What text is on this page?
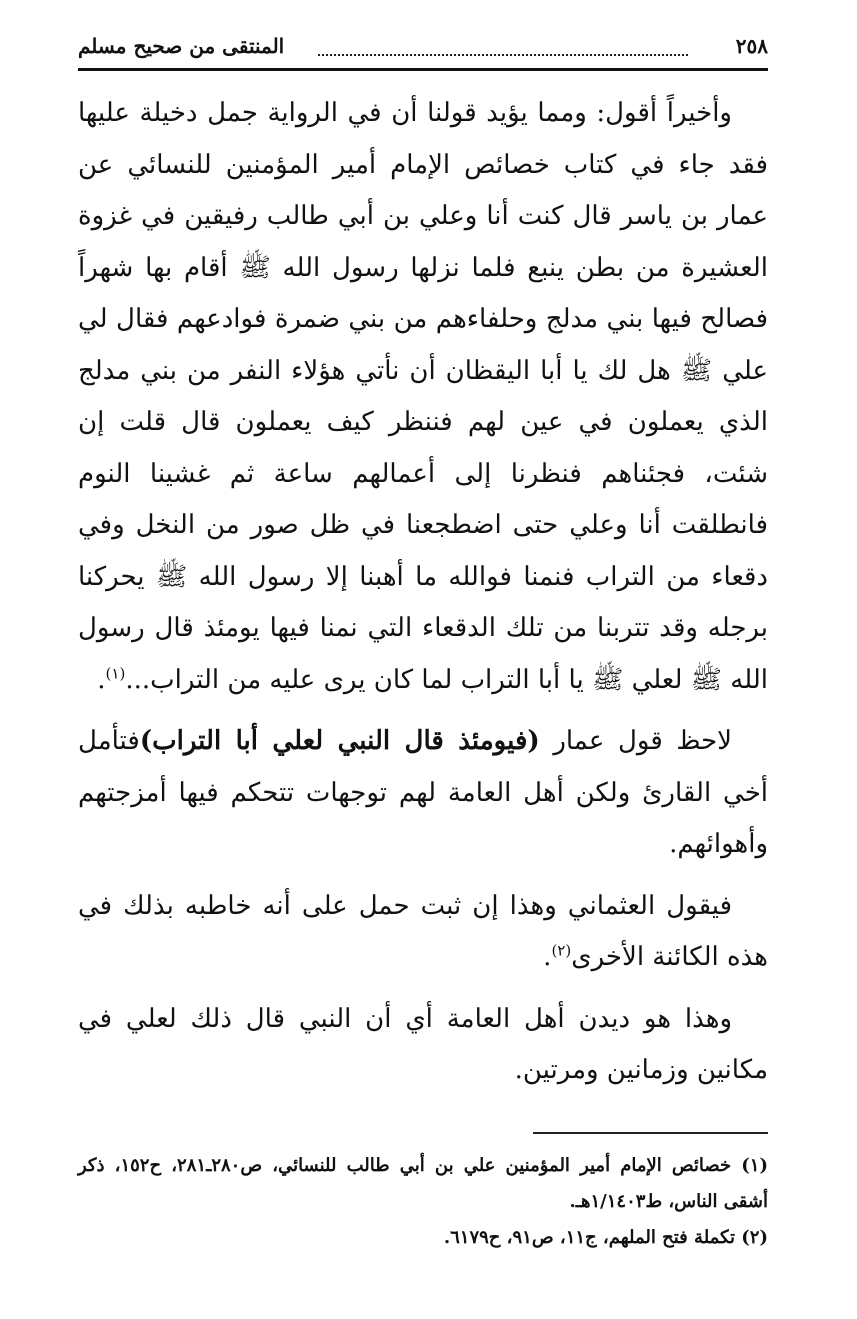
٢٥٨
المنتقى من صحيح مسلم

وأخيراً أقول: ومما يؤيد قولنا أن في الرواية جمل دخيلة عليها فقد جاء في كتاب خصائص الإمام أمير المؤمنين للنسائي عن عمار بن ياسر قال كنت أنا وعلي بن أبي طالب رفيقين في غزوة العشيرة من بطن ينبع فلما نزلها رسول الله ﷺ أقام بها شهراً فصالح فيها بني مدلج وحلفاءهم من بني ضمرة فوادعهم فقال لي علي ﷺ هل لك يا أبا اليقظان أن نأتي هؤلاء النفر من بني مدلج الذي يعملون في عين لهم فننظر كيف يعملون قال قلت إن شئت، فجئناهم فنظرنا إلى أعمالهم ساعة ثم غشينا النوم فانطلقت أنا وعلي حتى اضطجعنا في ظل صور من النخل وفي دقعاء من التراب فنمنا فوالله ما أهبنا إلا رسول الله ﷺ يحركنا برجله وقد تتربنا من تلك الدقعاء التي نمنا فيها يومئذ قال رسول الله ﷺ لعلي ﷺ يا أبا التراب لما كان يرى عليه من التراب...$^{(١)}$.

لاحظ قول عمار (فيومئذ قال النبي لعلي أبا التراب)فتأمل أخي القارئ ولكن أهل العامة لهم توجهات تتحكم فيها أمزجتهم وأهوائهم.

فيقول العثماني وهذا إن ثبت حمل على أنه خاطبه بذلك في هذه الكائنة الأخرى$^{(٢)}$.

وهذا هو ديدن أهل العامة أي أن النبي قال ذلك لعلي في مكانين وزمانين ومرتين.

(١) خصائص الإمام أمير المؤمنين علي بن أبي طالب للنسائي، ص٢٨٠ـ٢٨١، ح١٥٢، ذكر أشقى الناس، ط١/١٤٠٣هـ.

(٢) تكملة فتح الملهم، ج١١، ص٩١، ح٦١٧٩.
